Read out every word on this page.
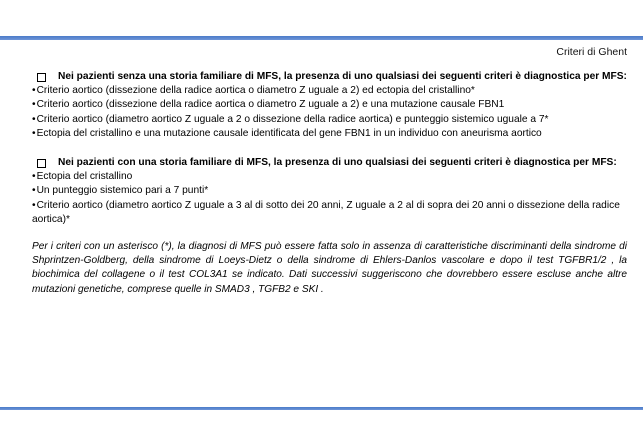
Criteri di Ghent
Nei pazienti senza una storia familiare di MFS, la presenza di uno qualsiasi dei seguenti criteri è diagnostica per MFS:
• Criterio aortico (dissezione della radice aortica o diametro Z uguale a 2) ed ectopia del cristallino*
• Criterio aortico (dissezione della radice aortica o diametro Z uguale a 2) e una mutazione causale FBN1
• Criterio aortico (diametro aortico Z uguale a 2 o dissezione della radice aortica) e punteggio sistemico uguale a 7*
• Ectopia del cristallino e una mutazione causale identificata del gene FBN1 in un individuo con aneurisma aortico
Nei pazienti con una storia familiare di MFS, la presenza di uno qualsiasi dei seguenti criteri è diagnostica per MFS:
• Ectopia del cristallino
• Un punteggio sistemico pari a 7 punti*
• Criterio aortico (diametro aortico Z uguale a 3 al di sotto dei 20 anni, Z uguale a 2 al di sopra dei 20 anni o dissezione della radice aortica)*

Per i criteri con un asterisco (*), la diagnosi di MFS può essere fatta solo in assenza di caratteristiche discriminanti della sindrome di Shprintzen-Goldberg, della sindrome di Loeys-Dietz o della sindrome di Ehlers-Danlos vascolare e dopo il test TGFBR1/2 , la biochimica del collagene o il test COL3A1 se indicato. Dati successivi suggeriscono che dovrebbero essere escluse anche altre mutazioni genetiche, comprese quelle in SMAD3 , TGFB2 e SKI .
